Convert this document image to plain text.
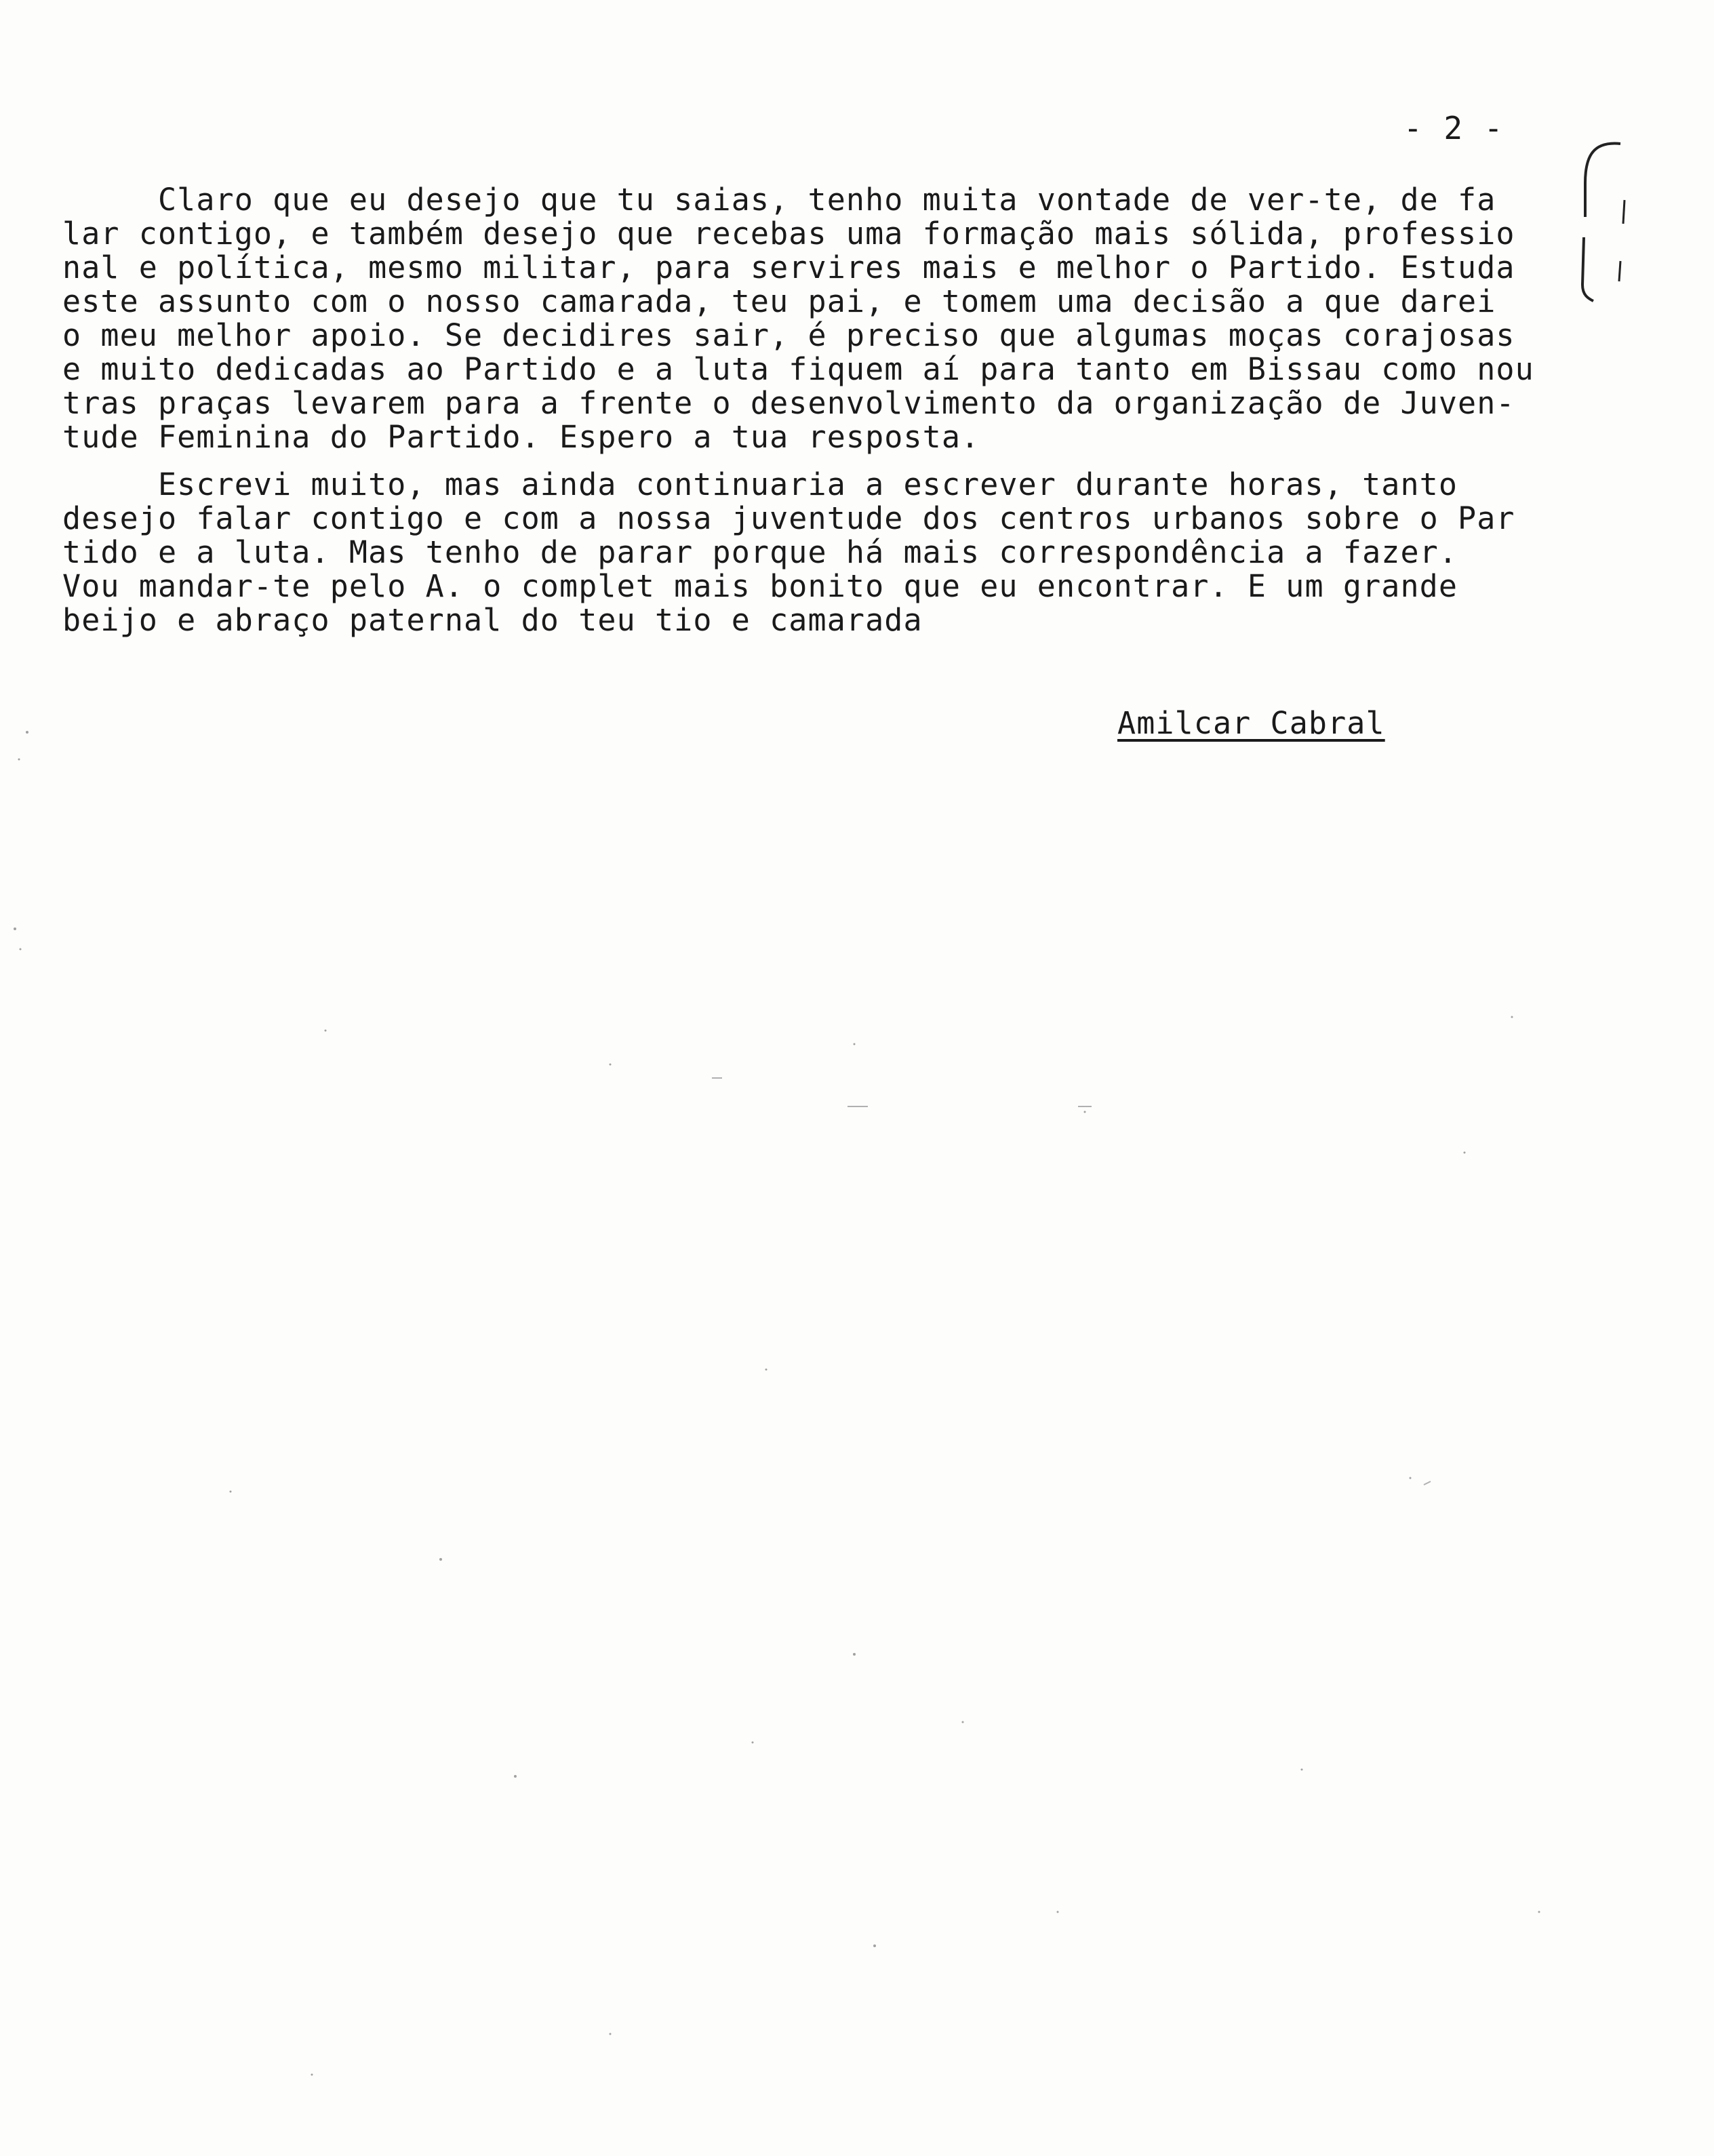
- 2 -
Claro que eu desejo que tu saias, tenho muita vontade de ver-te, de fa
lar contigo, e também desejo que recebas uma formação mais sólida, professio
nal e política, mesmo militar, para servires mais e melhor o Partido. Estuda
este assunto com o nosso camarada, teu pai, e tomem uma decisão a que darei
o meu melhor apoio. Se decidires sair, é preciso que algumas moças corajosas
e muito dedicadas ao Partido e a luta fiquem aí para tanto em Bissau como nou
tras praças levarem para a frente o desenvolvimento da organização de Juven-
tude Feminina do Partido. Espero a tua resposta.
Escrevi muito, mas ainda continuaria a escrever durante horas, tanto
desejo falar contigo e com a nossa juventude dos centros urbanos sobre o Par
tido e a luta. Mas tenho de parar porque há mais correspondência a fazer.
Vou mandar-te pelo A. o complet mais bonito que eu encontrar. E um grande
beijo e abraço paternal do teu tio e camarada
Amilcar Cabral
